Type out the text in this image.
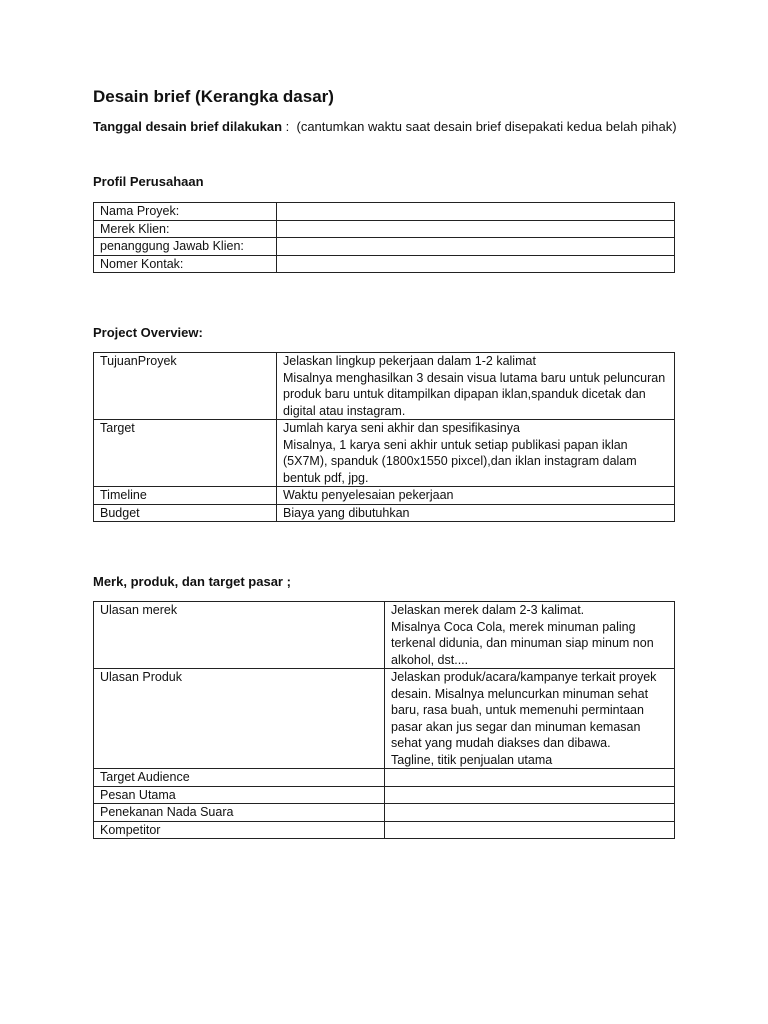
Desain brief (Kerangka dasar)

Tanggal desain brief dilakukan :  (cantumkan waktu saat desain brief disepakati kedua belah pihak)

Profil Perusahaan
Nama Proyek:	
Merek Klien:	
penanggung Jawab Klien:	
Nomer Kontak:	
Project Overview:
TujuanProyek	Jelaskan lingkup pekerjaan dalam 1-2 kalimat
Misalnya menghasilkan 3 desain visua lutama baru untuk peluncuran produk baru untuk ditampilkan dipapan iklan,spanduk dicetak dan digital atau instagram.
Target	Jumlah karya seni akhir dan spesifikasinya
Misalnya, 1 karya seni akhir untuk setiap publikasi papan iklan (5X7M), spanduk (1800x1550 pixcel),dan iklan instagram dalam bentuk pdf, jpg.
Timeline	Waktu penyelesaian pekerjaan
Budget	Biaya yang dibutuhkan
Merk, produk, dan target pasar ;
Ulasan merek	Jelaskan merek dalam 2-3 kalimat.
Misalnya Coca Cola, merek minuman paling terkenal didunia, dan minuman siap minum non alkohol, dst....
Ulasan Produk	Jelaskan produk/acara/kampanye terkait proyek desain. Misalnya meluncurkan minuman sehat baru, rasa buah, untuk memenuhi permintaan pasar akan jus segar dan minuman kemasan sehat yang mudah diakses dan dibawa.
Tagline, titik penjualan utama
Target Audience	
Pesan Utama	
Penekanan Nada Suara	
Kompetitor	
